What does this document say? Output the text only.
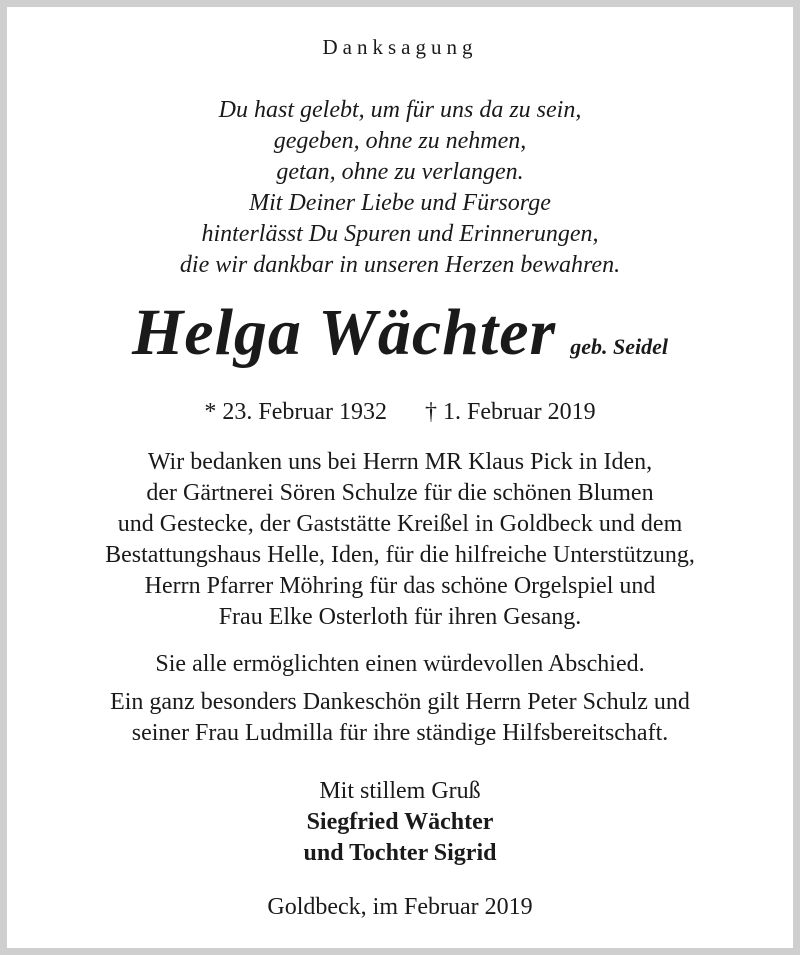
Danksagung
Du hast gelebt, um für uns da zu sein,
gegeben, ohne zu nehmen,
getan, ohne zu verlangen.
Mit Deiner Liebe und Fürsorge
hinterlässt Du Spuren und Erinnerungen,
die wir dankbar in unseren Herzen bewahren.
Helga Wächter geb. Seidel
* 23. Februar 1932 † 1. Februar 2019
Wir bedanken uns bei Herrn MR Klaus Pick in Iden,
der Gärtnerei Sören Schulze für die schönen Blumen
und Gestecke, der Gaststätte Kreißel in Goldbeck und dem
Bestattungshaus Helle, Iden, für die hilfreiche Unterstützung,
Herrn Pfarrer Möhring für das schöne Orgelspiel und
Frau Elke Osterloth für ihren Gesang.
Sie alle ermöglichten einen würdevollen Abschied.
Ein ganz besonders Dankeschön gilt Herrn Peter Schulz und
seiner Frau Ludmilla für ihre ständige Hilfsbereitschaft.
Mit stillem Gruß
Siegfried Wächter
und Tochter Sigrid
Goldbeck, im Februar 2019
